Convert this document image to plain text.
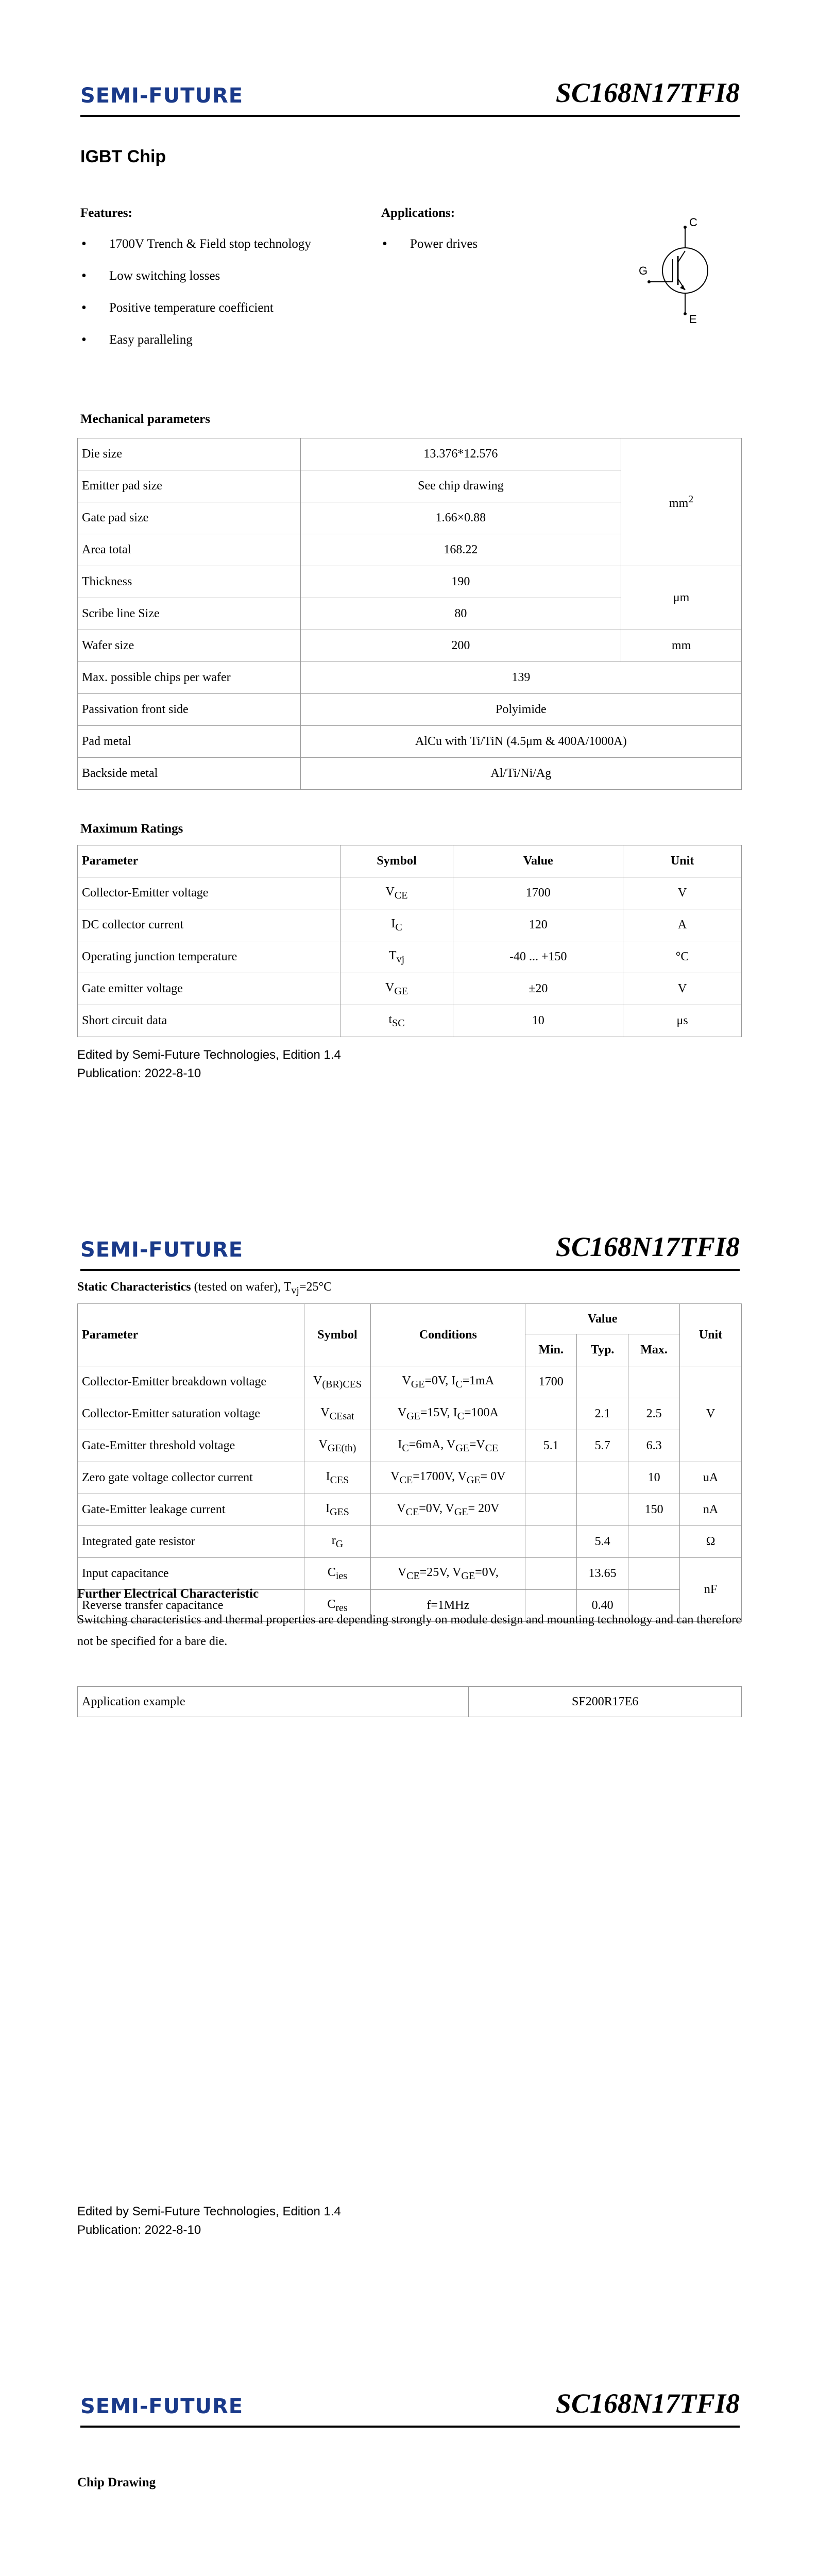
SEMI-FUTURE	SC168N17TFI8
IGBT Chip
Features:
• 1700V Trench & Field stop technology
• Low switching losses
• Positive temperature coefficient
• Easy paralleling
Applications:
• Power drives
C
E
G
Mechanical parameters
Die size	13.376*12.576	$mm^2$
Emitter pad size	See chip drawing	
Gate pad size	1.66×0.88	
Area total	168.22	
Thickness	190	μm
Scribe line Size	80	
Wafer size	200	mm
Max. possible chips per wafer	139	
Passivation front side	Polyimide	
Pad metal	AlCu with Ti/TiN (4.5μm & 400A/1000A)	
Backside metal	Al/Ti/Ni/Ag	
Maximum Ratings
Parameter	Symbol	Value	Unit
Collector-Emitter voltage	$V_{CE}$	1700	V
DC collector current	$I_C$	120	A
Operating junction temperature	$T_{vj}$	-40 ... +150	°C
Gate emitter voltage	$V_{GE}$	±20	V
Short circuit data	$t_{SC}$	10	μs
Edited by Semi-Future Technologies, Edition 1.4
Publication: 2022-8-10
SEMI-FUTURE	SC168N17TFI8
Static Characteristics (tested on wafer), $T_{vj}=25^\circ C$
Parameter	Symbol	Conditions	Value			Unit
			Min.	Typ.	Max.	
Collector-Emitter breakdown voltage	$V_{(BR)CES}$	$V_{GE}=0V$, $I_C=1mA$	1700			V
Collector-Emitter saturation voltage	$V_{CEsat}$	$V_{GE}=15V$, $I_C=100A$		2.1	2.5	
Gate-Emitter threshold voltage	$V_{GE(th)}$	$I_C=6mA$, $V_{GE}=V_{CE}$	5.1	5.7	6.3	
Zero gate voltage collector current	$I_{CES}$	$V_{CE}=1700V$, $V_{GE}= 0V$			10	uA
Gate-Emitter leakage current	$I_{GES}$	$V_{CE}=0V$, $V_{GE}= 20V$			150	nA
Integrated gate resistor	$r_G$			5.4		Ω
Input capacitance	$C_{ies}$	$V_{CE}=25V$, $V_{GE}=0V$,		13.65		nF
Reverse transfer capacitance	$C_{res}$	f=1MHz		0.40		
Further Electrical Characteristic
Switching characteristics and thermal properties are depending strongly on module design and mounting technology and can therefore not be specified for a bare die.
Application example	SF200R17E6
Edited by Semi-Future Technologies, Edition 1.4
Publication: 2022-8-10
SEMI-FUTURE	SC168N17TFI8
Chip Drawing
